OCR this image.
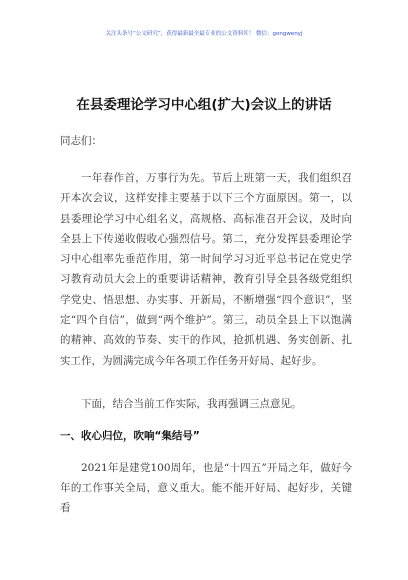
关注头条号“公文研究”，获得最新最全最专业的公文资料库！ 微信：gongwenyj
在县委理论学习中心组(扩大)会议上的讲话
同志们：

一年春作首，万事行为先。节后上班第一天，我们组织召开本次会议，这样安排主要基于以下三个方面原因。第一，以县委理论学习中心组名义，高规格、高标准召开会议，及时向全县上下传递收假收心强烈信号。第二，充分发挥县委理论学习中心组率先垂范作用，第一时间学习习近平总书记在党史学习教育动员大会上的重要讲话精神，教育引导全县各级党组织学党史、悟思想、办实事、开新局，不断增强“四个意识”，坚定“四个自信”，做到“两个维护”。第三，动员全县上下以饱满的精神、高效的节奏、实干的作风，抢抓机遇、务实创新、扎实工作，为圆满完成今年各项工作任务开好局、起好步。

下面，结合当前工作实际，我再强调三点意见。

一、收心归位，吹响“集结号”

2021年是建党100周年，也是“十四五”开局之年，做好今年的工作事关全局，意义重大。能不能开好局、起好步，关键看
